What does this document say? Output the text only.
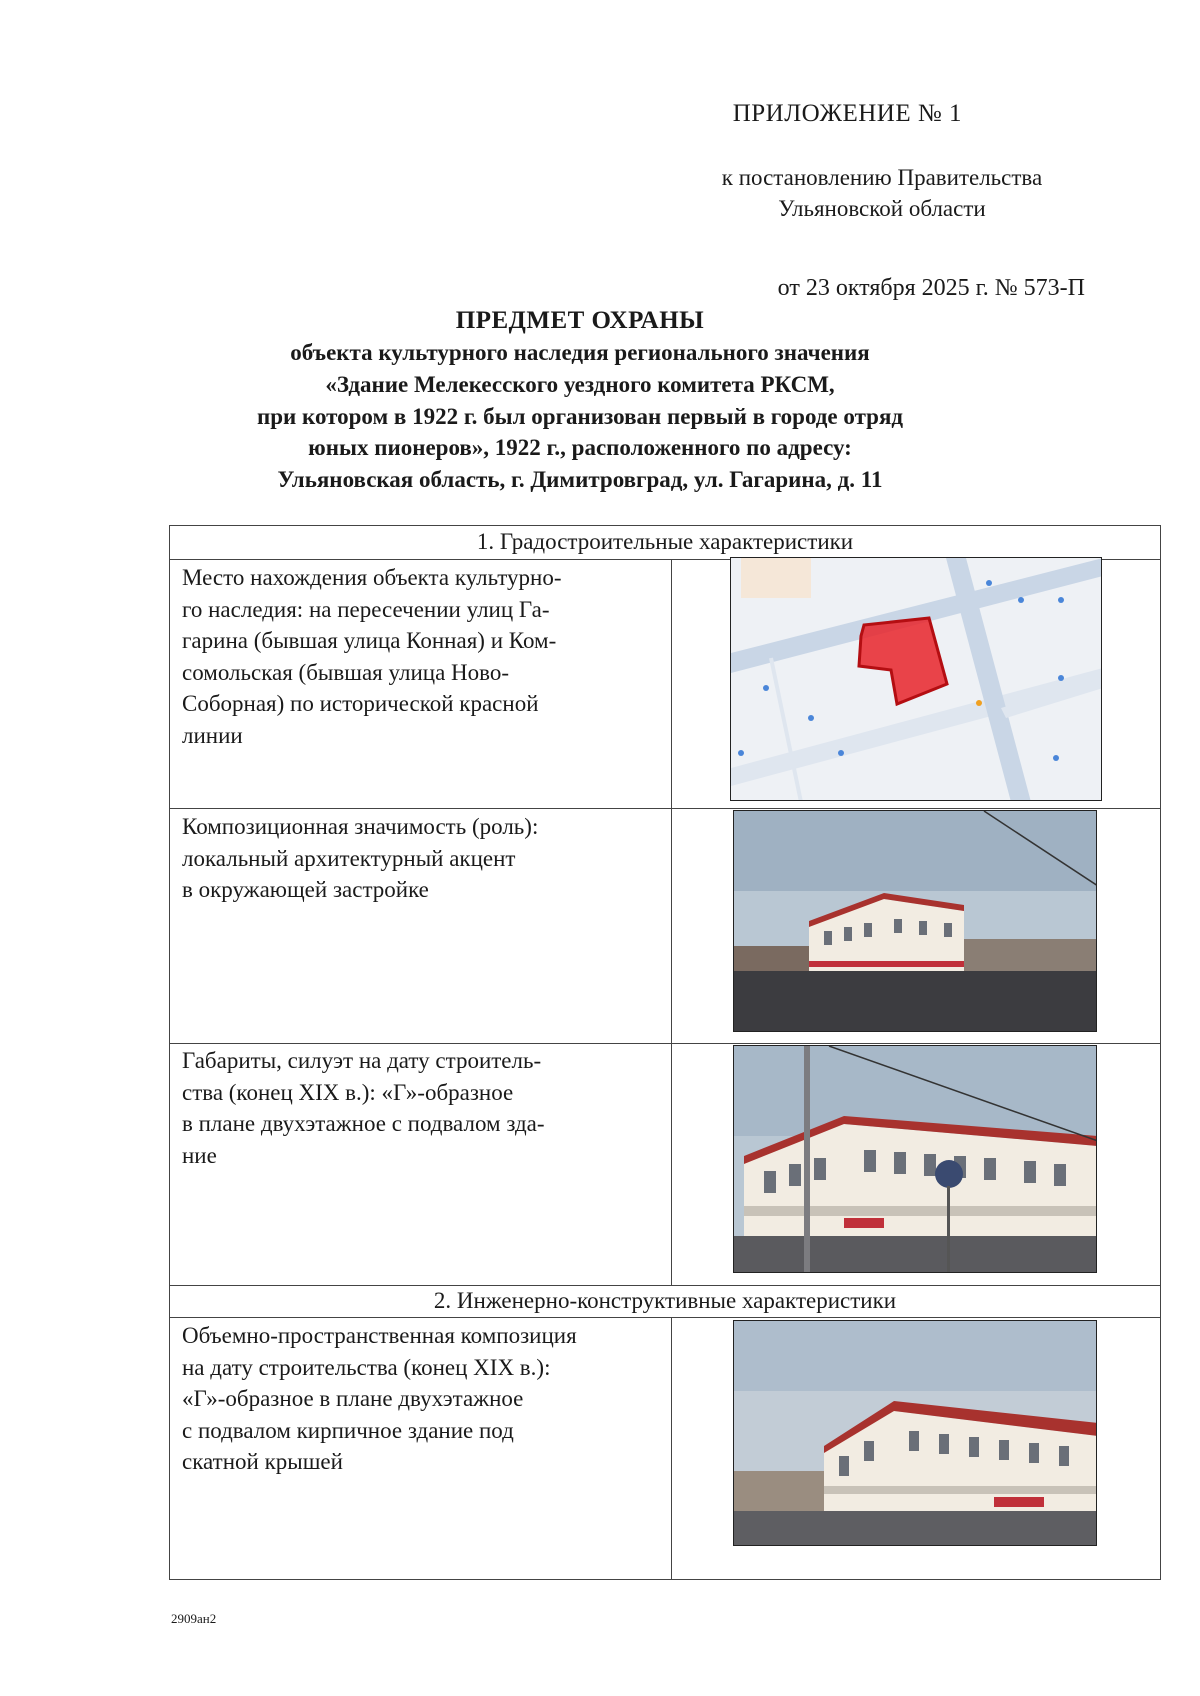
ПРИЛОЖЕНИЕ № 1
к постановлению Правительства
Ульяновской области
от 23 октября 2025 г. № 573-П
ПРЕДМЕТ ОХРАНЫ
объекта культурного наследия регионального значения
«Здание Мелекесского уездного комитета РКСМ,
при котором в 1922 г. был организован первый в городе отряд
юных пионеров», 1922 г., расположенного по адресу:
Ульяновская область, г. Димитровград, ул. Гагарина, д. 11
1. Градостроительные характеристики
Место нахождения объекта культурно-
го наследия: на пересечении улиц Га-
гарина (бывшая улица Конная) и Ком-
сомольская (бывшая улица Ново-
Соборная) по исторической красной
линии
Композиционная значимость (роль):
локальный архитектурный акцент
в окружающей застройке
Габариты, силуэт на дату строитель-
ства (конец XIX в.): «Г»-образное
в плане двухэтажное с подвалом зда-
ние
2. Инженерно-конструктивные характеристики
Объемно-пространственная композиция
на дату строительства (конец XIX в.):
«Г»-образное в плане двухэтажное
с подвалом кирпичное здание под
скатной крышей
2909ан2
